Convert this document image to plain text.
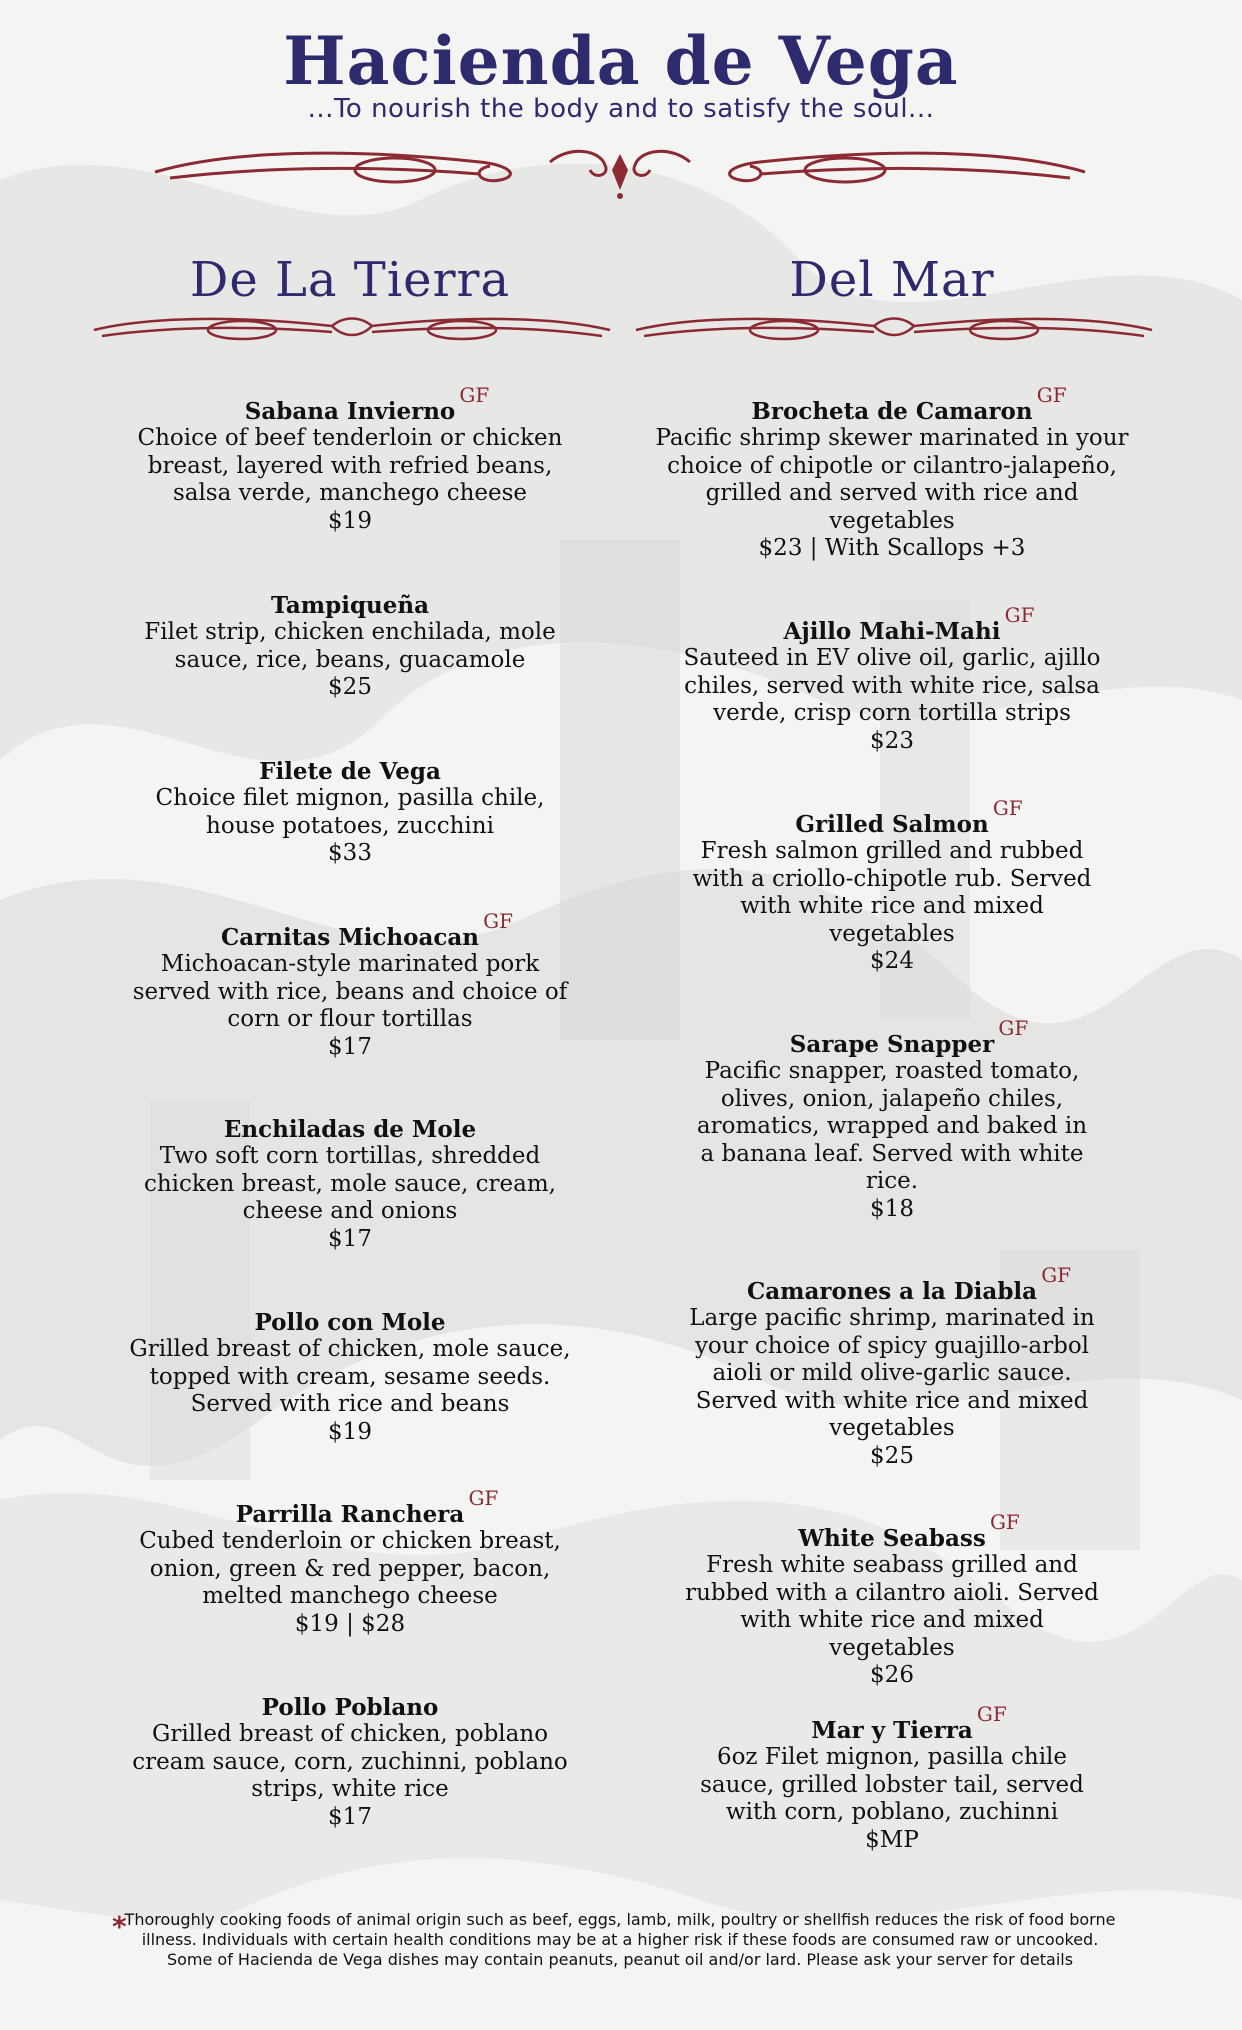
Hacienda de Vega
...To nourish the body and to satisfy the soul...
De La Tierra
Sabana Invierno
GF
Choice of beef tenderloin or chicken breast, layered with refried beans, salsa verde, manchego cheese
$19
Tampiqueña
Filet strip, chicken enchilada, mole sauce, rice, beans, guacamole
$25
Filete de Vega
Choice filet mignon, pasilla chile, house potatoes, zucchini
$33
Carnitas Michoacan
GF
Michoacan-style marinated pork served with rice, beans and choice of corn or flour tortillas
$17
Enchiladas de Mole
Two soft corn tortillas, shredded chicken breast, mole sauce, cream, cheese and onions
$17
Pollo con Mole
Grilled breast of chicken, mole sauce, topped with cream, sesame seeds. Served with rice and beans
$19
Parrilla Ranchera
GF
Cubed tenderloin or chicken breast, onion, green & red pepper, bacon, melted manchego cheese
$19 | $28
Pollo Poblano
Grilled breast of chicken, poblano cream sauce, corn, zuchinni, poblano strips, white rice
$17
Del Mar
Brocheta de Camaron
GF
Pacific shrimp skewer marinated in your choice of chipotle or cilantro-jalapeño, grilled and served with rice and vegetables
$23 | With Scallops +3
Ajillo Mahi-Mahi
GF
Sauteed in EV olive oil, garlic, ajillo chiles, served with white rice, salsa verde, crisp corn tortilla strips
$23
Grilled Salmon
GF
Fresh salmon grilled and rubbed with a criollo-chipotle rub. Served with white rice and mixed vegetables
$24
Sarape Snapper
GF
Pacific snapper, roasted tomato, olives, onion, jalapeño chiles, aromatics, wrapped and baked in a banana leaf. Served with white rice.
$18
Camarones a la Diabla
GF
Large pacific shrimp, marinated in your choice of spicy guajillo-arbol aioli or mild olive-garlic sauce. Served with white rice and mixed vegetables
$25
White Seabass
GF
Fresh white seabass grilled and rubbed with a cilantro aioli. Served with white rice and mixed vegetables
$26
Mar y Tierra
GF
6oz Filet mignon, pasilla chile sauce, grilled lobster tail, served with corn, poblano, zuchinni
$MP
*
Thoroughly cooking foods of animal origin such as beef, eggs, lamb, milk, poultry or shellfish reduces the risk of food borne illness. Individuals with certain health conditions may be at a higher risk if these foods are consumed raw or uncooked. Some of Hacienda de Vega dishes may contain peanuts, peanut oil and/or lard. Please ask your server for details
